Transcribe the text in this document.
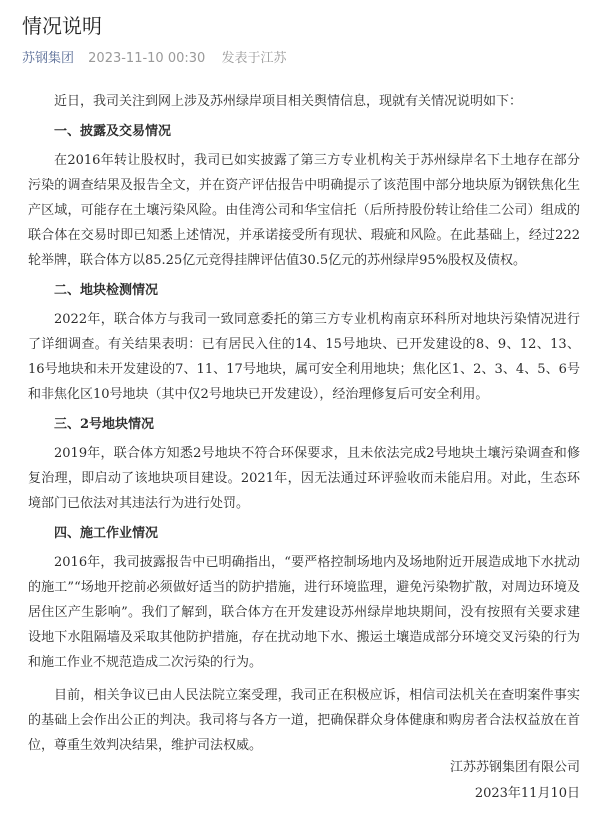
情况说明
苏钢集团 2023-11-10 00:30 发表于江苏

近日，我司关注到网上涉及苏州绿岸项目相关舆情信息，现就有关情况说明如下：

一、披露及交易情况

在2016年转让股权时，我司已如实披露了第三方专业机构关于苏州绿岸名下土地存在部分污染的调查结果及报告全文，并在资产评估报告中明确提示了该范围中部分地块原为钢铁焦化生产区域，可能存在土壤污染风险。由佳湾公司和华宝信托（后所持股份转让给佳二公司）组成的联合体在交易时即已知悉上述情况，并承诺接受所有现状、瑕疵和风险。在此基础上，经过222轮举牌，联合体方以85.25亿元竞得挂牌评估值30.5亿元的苏州绿岸95%股权及债权。

二、地块检测情况

2022年，联合体方与我司一致同意委托的第三方专业机构南京环科所对地块污染情况进行了详细调查。有关结果表明：已有居民入住的14、15号地块、已开发建设的8、9、12、13、16号地块和未开发建设的7、11、17号地块，属可安全利用地块；焦化区1、2、3、4、5、6号和非焦化区10号地块（其中仅2号地块已开发建设），经治理修复后可安全利用。

三、2号地块情况

2019年，联合体方知悉2号地块不符合环保要求，且未依法完成2号地块土壤污染调查和修复治理，即启动了该地块项目建设。2021年，因无法通过环评验收而未能启用。对此，生态环境部门已依法对其违法行为进行处罚。

四、施工作业情况

2016年，我司披露报告中已明确指出，“要严格控制场地内及场地附近开展造成地下水扰动的施工”“场地开挖前必须做好适当的防护措施，进行环境监理，避免污染物扩散，对周边环境及居住区产生影响”。我们了解到，联合体方在开发建设苏州绿岸地块期间，没有按照有关要求建设地下水阻隔墙及采取其他防护措施，存在扰动地下水、搬运土壤造成部分环境交叉污染的行为和施工作业不规范造成二次污染的行为。

目前，相关争议已由人民法院立案受理，我司正在积极应诉，相信司法机关在查明案件事实的基础上会作出公正的判决。我司将与各方一道，把确保群众身体健康和购房者合法权益放在首位，尊重生效判决结果，维护司法权威。

江苏苏钢集团有限公司
2023年11月10日
